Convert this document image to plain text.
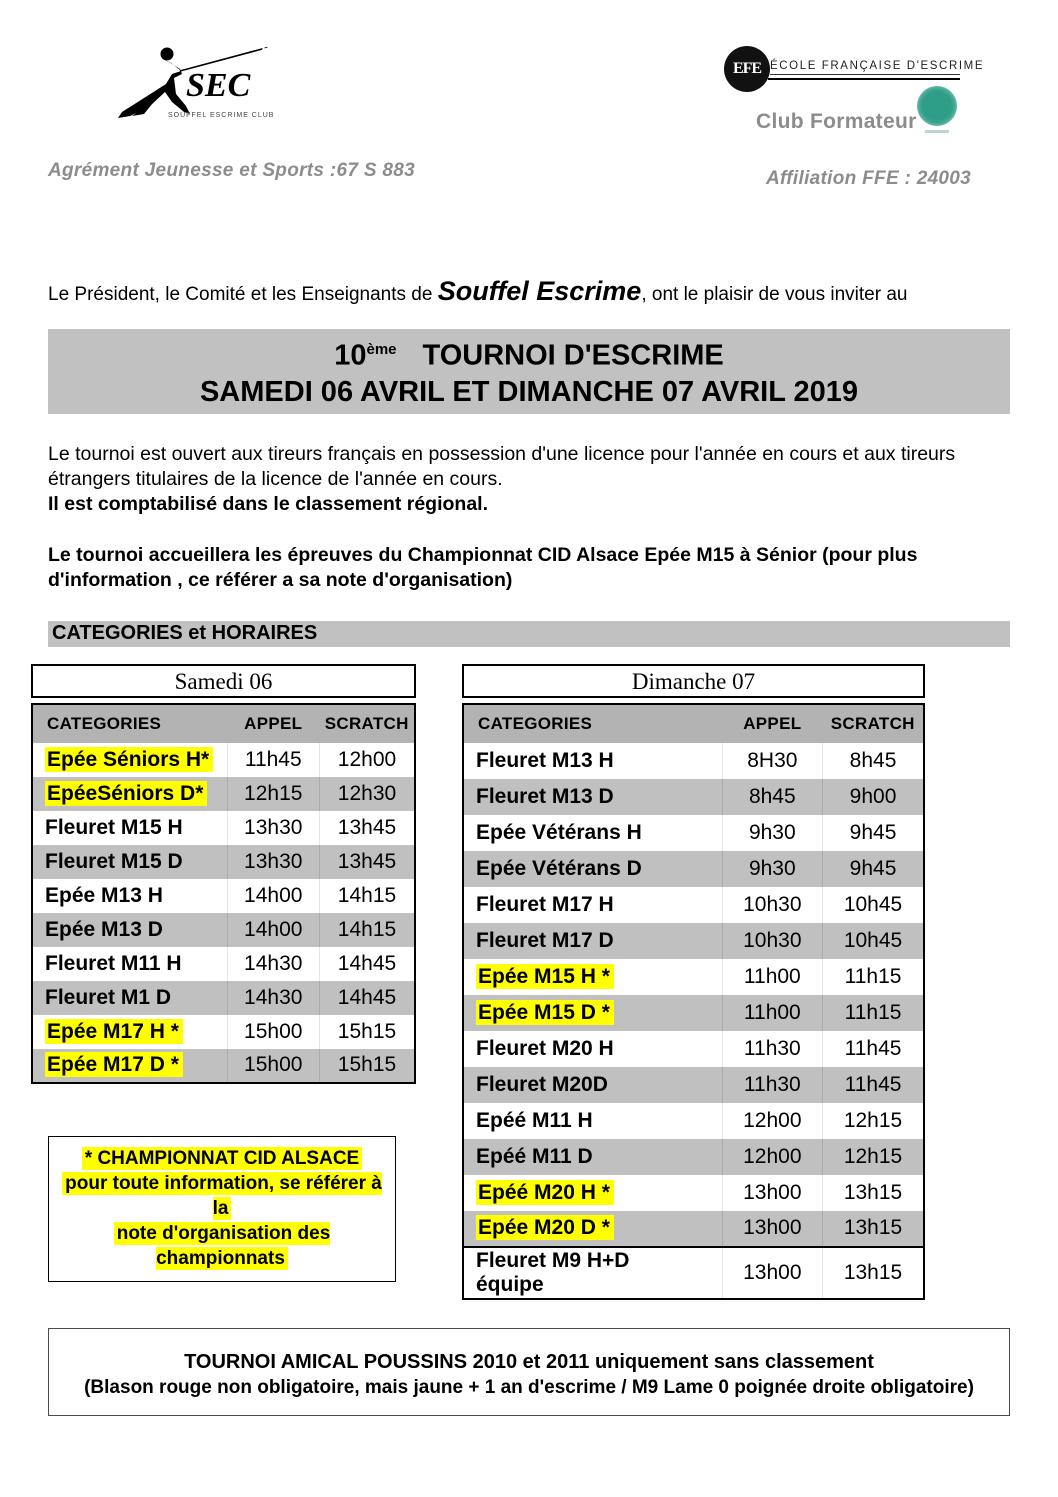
SEC
SOUFFEL ESCRIME CLUB
Agrément Jeunesse et Sports :67 S 883
EFE ÉCOLE FRANÇAISE D'ESCRIME
Club Formateur
Affiliation FFE : 24003
Le Président, le Comité et les Enseignants de Souffel Escrime, ont le plaisir de vous inviter au
10ème TOURNOI D'ESCRIME
SAMEDI 06 AVRIL ET DIMANCHE 07 AVRIL 2019
Le tournoi est ouvert aux tireurs français en possession d'une licence pour l'année en cours et aux tireurs étrangers titulaires de la licence de l'année en cours.
Il est comptabilisé dans le classement régional.
Le tournoi accueillera les épreuves du Championnat CID Alsace Epée M15 à Sénior (pour plus d'information , ce référer a sa note d'organisation)
CATEGORIES et HORAIRES
Samedi 06
CATEGORIES	APPEL	SCRATCH
Epée Séniors H*	11h45	12h00
EpéeSéniors D*	12h15	12h30
Fleuret M15 H	13h30	13h45
Fleuret M15 D	13h30	13h45
Epée M13 H	14h00	14h15
Epée M13 D	14h00	14h15
Fleuret M11 H	14h30	14h45
Fleuret M1 D	14h30	14h45
Epée M17 H *	15h00	15h15
Epée M17 D *	15h00	15h15
* CHAMPIONNAT CID ALSACE
pour toute information, se référer à la
note d'organisation des championnats
Dimanche 07
CATEGORIES	APPEL	SCRATCH
Fleuret M13 H	8H30	8h45
Fleuret M13 D	8h45	9h00
Epée Vétérans H	9h30	9h45
Epée Vétérans D	9h30	9h45
Fleuret M17 H	10h30	10h45
Fleuret M17 D	10h30	10h45
Epée M15 H *	11h00	11h15
Epée M15 D *	11h00	11h15
Fleuret M20 H	11h30	11h45
Fleuret M20D	11h30	11h45
Epéé M11 H	12h00	12h15
Epéé M11 D	12h00	12h15
Epéé M20 H *	13h00	13h15
Epée M20 D *	13h00	13h15
Fleuret M9 H+D
équipe	13h00	13h15
TOURNOI AMICAL POUSSINS 2010 et 2011 uniquement sans classement
(Blason rouge non obligatoire, mais jaune + 1 an d'escrime / M9 Lame 0 poignée droite obligatoire)
